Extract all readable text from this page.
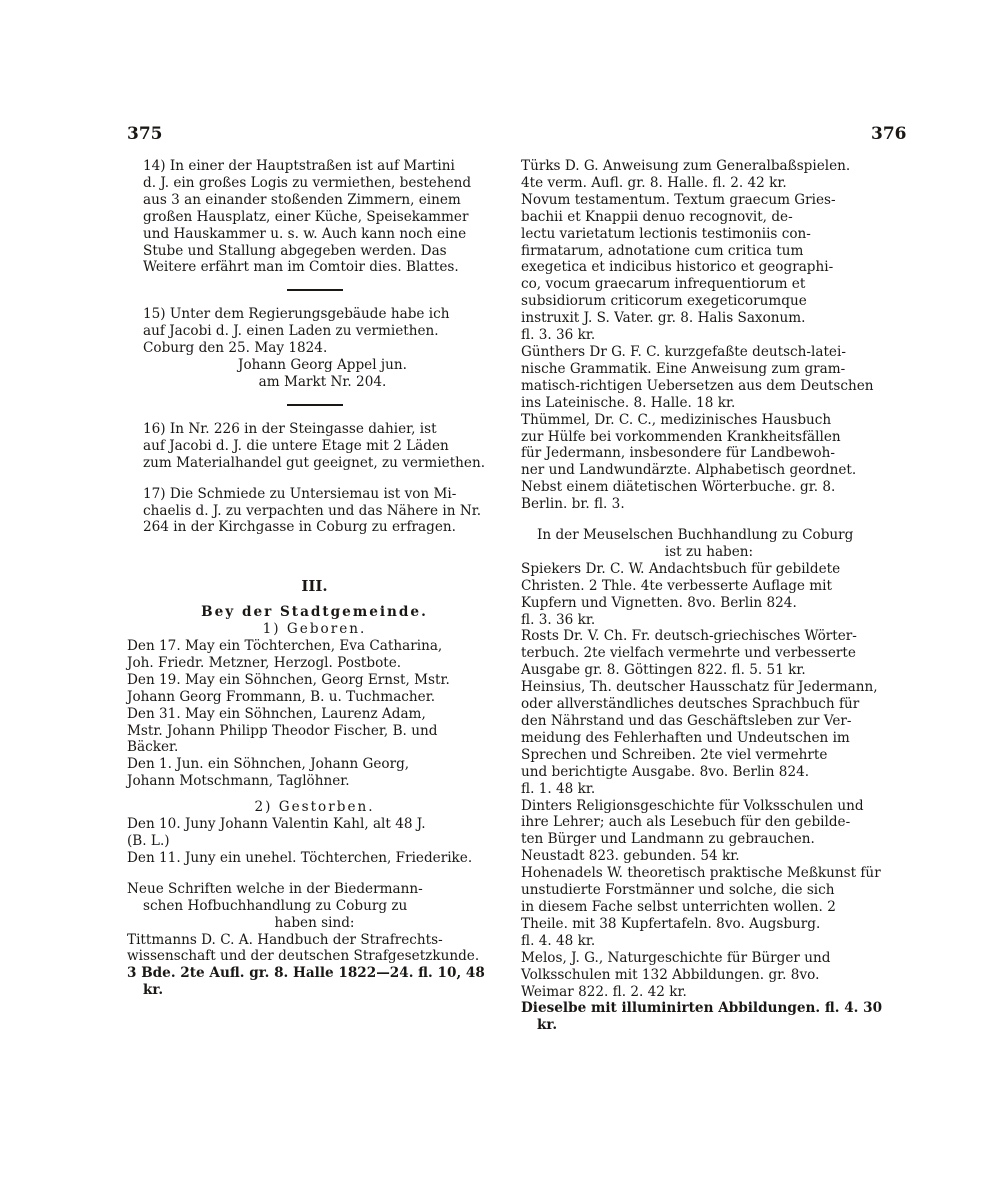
375	376

14) In einer der Hauptstraßen ist auf Martini

d. J. ein großes Logis zu vermiethen, bestehend

aus 3 an einander stoßenden Zimmern, einem

großen Hausplatz, einer Küche, Speisekammer

und Hauskammer u. s. w. Auch kann noch eine

Stube und Stallung abgegeben werden. Das

Weitere erfährt man im Comtoir dies. Blattes.

15) Unter dem Regierungsgebäude habe ich

auf Jacobi d. J. einen Laden zu vermiethen.

Coburg den 25. May 1824.

Johann Georg Appel jun.

am Markt Nr. 204.

16) In Nr. 226 in der Steingasse dahier, ist

auf Jacobi d. J. die untere Etage mit 2 Läden

zum Materialhandel gut geeignet, zu vermiethen.

17) Die Schmiede zu Untersiemau ist von Mi-

chaelis d. J. zu verpachten und das Nähere in Nr.

264 in der Kirchgasse in Coburg zu erfragen.

III.

Bey der Stadtgemeinde.

1) Geboren.

Den 17. May ein Töchterchen, Eva Catharina,

Joh. Friedr. Metzner, Herzogl. Postbote.

Den 19. May ein Söhnchen, Georg Ernst, Mstr.

Johann Georg Frommann, B. u. Tuchmacher.

Den 31. May ein Söhnchen, Laurenz Adam,

Mstr. Johann Philipp Theodor Fischer, B. und

Bäcker.

Den 1. Jun. ein Söhnchen, Johann Georg,

Johann Motschmann, Taglöhner.

2) Gestorben.

Den 10. Juny Johann Valentin Kahl, alt 48 J.

(B. L.)

Den 11. Juny ein unehel. Töchterchen, Friederike.

Neue Schriften welche in der Biedermann-

schen Hofbuchhandlung zu Coburg zu

haben sind:

Tittmanns D. C. A. Handbuch der Strafrechts-

wissenschaft und der deutschen Strafgesetzkunde.

3 Bde. 2te Aufl. gr. 8. Halle 1822—24. fl. 10, 48 kr.

Türks D. G. Anweisung zum Generalbaßspielen.

4te verm. Aufl. gr. 8. Halle. fl. 2. 42 kr.

Novum testamentum. Textum graecum Gries-

bachii et Knappii denuo recognovit, de-

lectu varietatum lectionis testimoniis con-

firmatarum, adnotatione cum critica tum

exegetica et indicibus historico et geographi-

co, vocum graecarum infrequentiorum et

subsidiorum criticorum exegeticorumque

instruxit J. S. Vater. gr. 8. Halis Saxonum.

fl. 3. 36 kr.

Günthers Dr G. F. C. kurzgefaßte deutsch-latei-

nische Grammatik. Eine Anweisung zum gram-

matisch-richtigen Uebersetzen aus dem Deutschen

ins Lateinische. 8. Halle. 18 kr.

Thümmel, Dr. C. C., medizinisches Hausbuch

zur Hülfe bei vorkommenden Krankheitsfällen

für Jedermann, insbesondere für Landbewoh-

ner und Landwundärzte. Alphabetisch geordnet.

Nebst einem diätetischen Wörterbuche. gr. 8.

Berlin. br. fl. 3.

In der Meuselschen Buchhandlung zu Coburg

ist zu haben:

Spiekers Dr. C. W. Andachtsbuch für gebildete

Christen. 2 Thle. 4te verbesserte Auflage mit

Kupfern und Vignetten. 8vo. Berlin 824.

fl. 3. 36 kr.

Rosts Dr. V. Ch. Fr. deutsch-griechisches Wörter-

terbuch. 2te vielfach vermehrte und verbesserte

Ausgabe gr. 8. Göttingen 822. fl. 5. 51 kr.

Heinsius, Th. deutscher Hausschatz für Jedermann,

oder allverständliches deutsches Sprachbuch für

den Nährstand und das Geschäftsleben zur Ver-

meidung des Fehlerhaften und Undeutschen im

Sprechen und Schreiben. 2te viel vermehrte

und berichtigte Ausgabe. 8vo. Berlin 824.

fl. 1. 48 kr.

Dinters Religionsgeschichte für Volksschulen und

ihre Lehrer; auch als Lesebuch für den gebilde-

ten Bürger und Landmann zu gebrauchen.

Neustadt 823. gebunden. 54 kr.

Hohenadels W. theoretisch praktische Meßkunst für

unstudierte Forstmänner und solche, die sich

in diesem Fache selbst unterrichten wollen. 2

Theile. mit 38 Kupfertafeln. 8vo. Augsburg.

fl. 4. 48 kr.

Melos, J. G., Naturgeschichte für Bürger und

Volksschulen mit 132 Abbildungen. gr. 8vo.

Weimar 822. fl. 2. 42 kr.

Dieselbe mit illuminirten Abbildungen. fl. 4. 30 kr.
